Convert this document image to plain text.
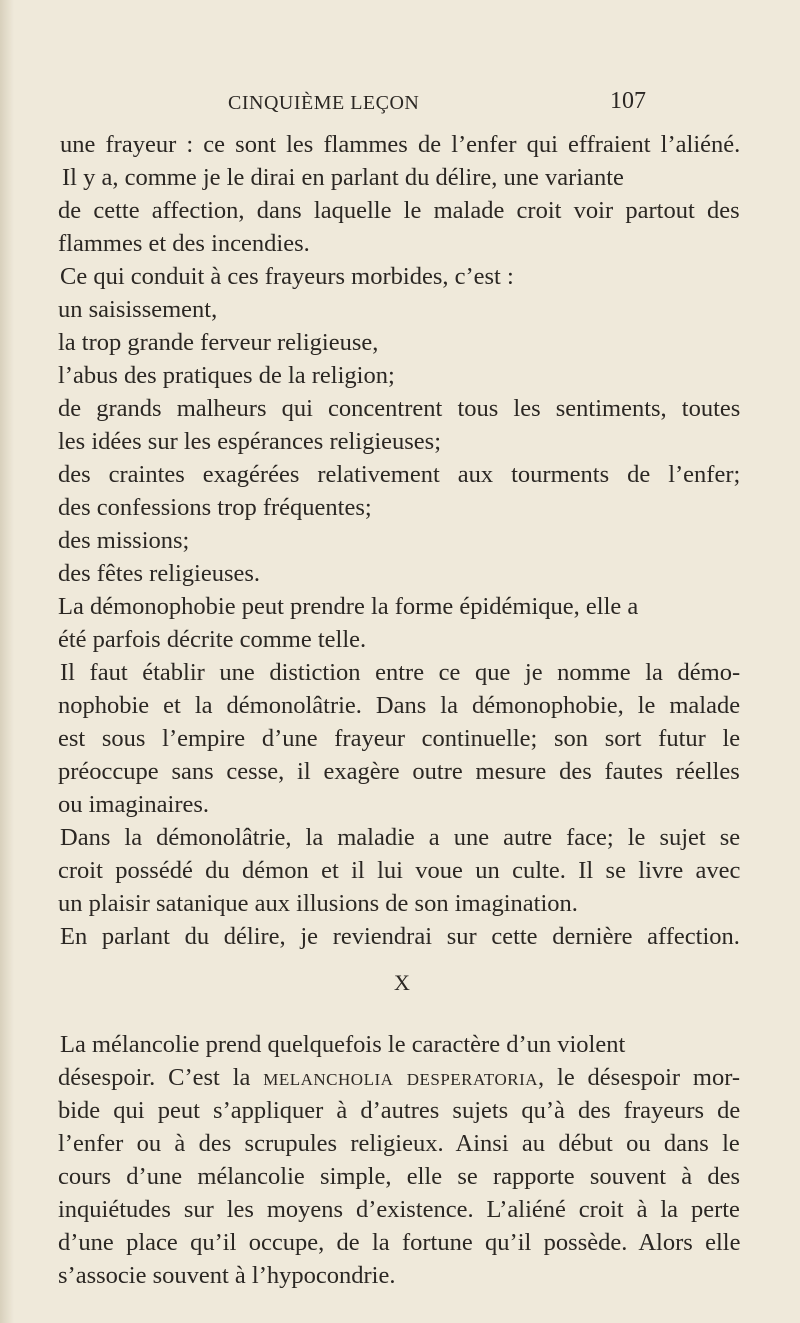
CINQUIÈME LEÇON	107
une frayeur : ce sont les flammes de l’enfer qui effraient l’aliéné.
Il y a, comme je le dirai en parlant du délire, une variante
de cette affection, dans laquelle le malade croit voir partout des
flammes et des incendies.
Ce qui conduit à ces frayeurs morbides, c’est :
un saisissement,
la trop grande ferveur religieuse,
l’abus des pratiques de la religion;
de grands malheurs qui concentrent tous les sentiments, toutes
les idées sur les espérances religieuses;
des craintes exagérées relativement aux tourments de l’enfer;
des confessions trop fréquentes;
des missions;
des fêtes religieuses.
La démonophobie peut prendre la forme épidémique, elle a
été parfois décrite comme telle.
Il faut établir une distiction entre ce que je nomme la démo-
nophobie et la démonolâtrie. Dans la démonophobie, le malade
est sous l’empire d’une frayeur continuelle; son sort futur le
préoccupe sans cesse, il exagère outre mesure des fautes réelles
ou imaginaires.
Dans la démonolâtrie, la maladie a une autre face; le sujet se
croit possédé du démon et il lui voue un culte. Il se livre avec
un plaisir satanique aux illusions de son imagination.
En parlant du délire, je reviendrai sur cette dernière affection.
X
La mélancolie prend quelquefois le caractère d’un violent
désespoir. C’est la melancholia desperatoria, le désespoir mor-
bide qui peut s’appliquer à d’autres sujets qu’à des frayeurs de
l’enfer ou à des scrupules religieux. Ainsi au début ou dans le
cours d’une mélancolie simple, elle se rapporte souvent à des
inquiétudes sur les moyens d’existence. L’aliéné croit à la perte
d’une place qu’il occupe, de la fortune qu’il possède. Alors elle
s’associe souvent à l’hypocondrie.
